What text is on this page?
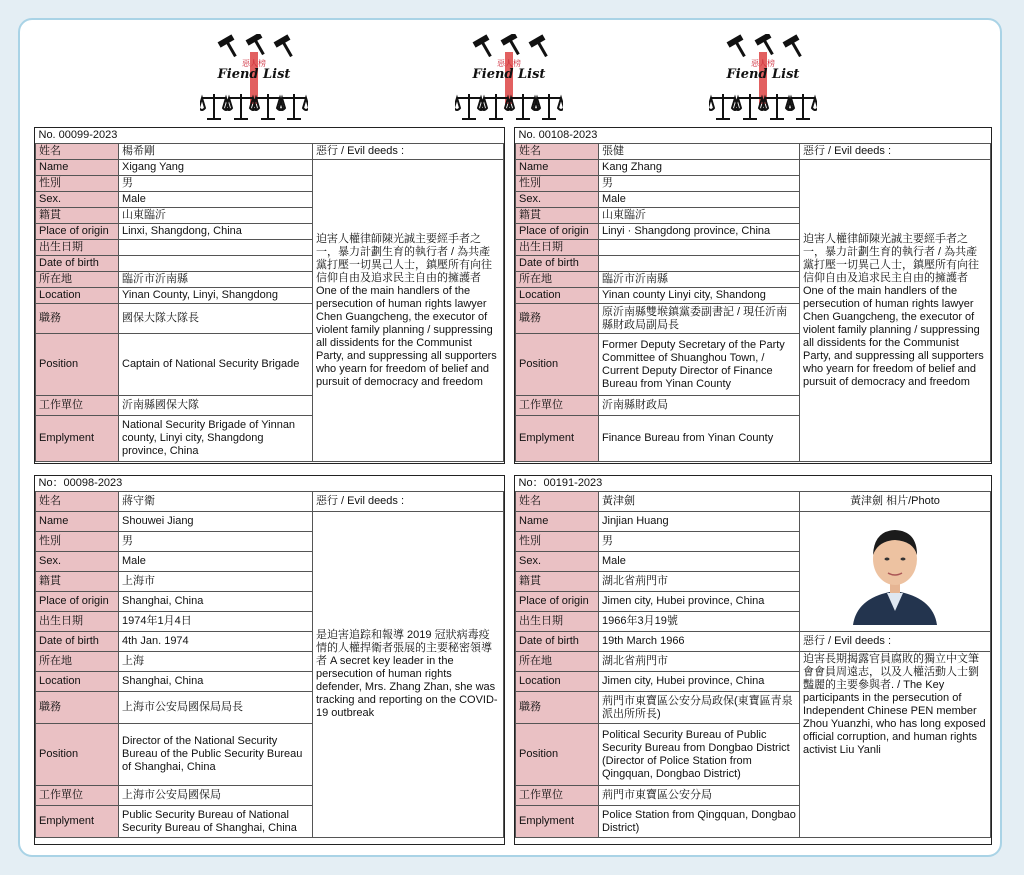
惡人榜
Fiend List
惡人榜
Fiend List
惡人榜
Fiend List
No. 00099-2023		
姓名	楊希剛	惡行 / Evil deeds :
Name	Xigang Yang	迫害人權律師陳光誠主要經手者之一，暴力計劃生育的執行者 / 為共產黨打壓一切異己人士，鎮壓所有向往信仰自由及追求民主自由的擁護者 One of the main handlers of the persecution of human rights lawyer Chen Guangcheng, the executor of violent family planning / suppressing all dissidents for the Communist Party, and suppressing all supporters who yearn for freedom of belief and pursuit of democracy and freedom
性別	男	
Sex.	Male	
籍貫	山東臨沂	
Place of origin	Linxi, Shangdong, China	
出生日期		
Date of birth		
所在地	臨沂市沂南縣	
Location	Yinan County, Linyi, Shangdong	
職務	國保大隊大隊長	
Position	Captain of National Security Brigade	
工作單位	沂南縣國保大隊	
Emplyment	National Security Brigade of Yinnan county, Linyi city, Shangdong province, China	
No. 00108-2023		
姓名	張健	惡行 / Evil deeds :
Name	Kang Zhang	迫害人權律師陳光誠主要經手者之一，暴力計劃生育的執行者 / 為共產黨打壓一切異己人士，鎮壓所有向往信仰自由及追求民主自由的擁護者 One of the main handlers of the persecution of human rights lawyer Chen Guangcheng, the executor of violent family planning / suppressing all dissidents for the Communist Party, and suppressing all supporters who yearn for freedom of belief and pursuit of democracy and freedom
性別	男	
Sex.	Male	
籍貫	山東臨沂	
Place of origin	Linyi · Shangdong province, China	
出生日期		
Date of birth		
所在地	臨沂市沂南縣	
Location	Yinan county Linyi city, Shandong	
職務	原沂南縣雙堠鎮黨委副書記 / 現任沂南縣財政局副局長	
Position	Former Deputy Secretary of the Party Committee of Shuanghou Town, / Current Deputy Director of Finance Bureau from Yinan County	
工作單位	沂南縣財政局	
Emplyment	Finance Bureau from Yinan County	
No：00098-2023		
姓名	蔣守衛	惡行 / Evil deeds :
Name	Shouwei Jiang	是迫害追踪和報導 2019 冠狀病毒疫情的人權捍衛者張展的主要秘密領導者 A secret key leader in the persecution of human rights defender, Mrs. Zhang Zhan, she was tracking and reporting on the COVID-19 outbreak
性別	男	
Sex.	Male	
籍貫	上海市	
Place of origin	Shanghai, China	
出生日期	1974年1月4日	
Date of birth	4th Jan. 1974	
所在地	上海	
Location	Shanghai, China	
職務	上海市公安局國保局局長	
Position	Director of the National Security Bureau of the Public Security Bureau of Shanghai, China	
工作單位	上海市公安局國保局	
Emplyment	Public Security Bureau of National Security Bureau of Shanghai, China	
No：00191-2023		
姓名	黃津劍	黃津劍 相片/Photo
Name	Jinjian Huang	
性別	男	
Sex.	Male	
籍貫	湖北省荊門市	
Place of origin	Jimen city, Hubei province, China	
出生日期	1966年3月19號	
Date of birth	19th March 1966	惡行 / Evil deeds :
所在地	湖北省荊門市	迫害長期揭露官員腐敗的獨立中文筆會會員周遠志，以及人權活動人士劉豔麗的主要參與者. / The Key participants in the persecution of Independent Chinese PEN member Zhou Yuanzhi, who has long exposed official corruption, and human rights activist Liu Yanli
Location	Jimen city, Hubei province, China	
職務	荊門市東寶區公安分局政保(東寶區青泉派出所所長)	
Position	Political Security Bureau of Public Security Bureau from Dongbao District (Director of Police Station from Qingquan, Dongbao District)	
工作單位	荊門市東寶區公安分局	
Emplyment	Police Station from Qingquan, Dongbao District)	
